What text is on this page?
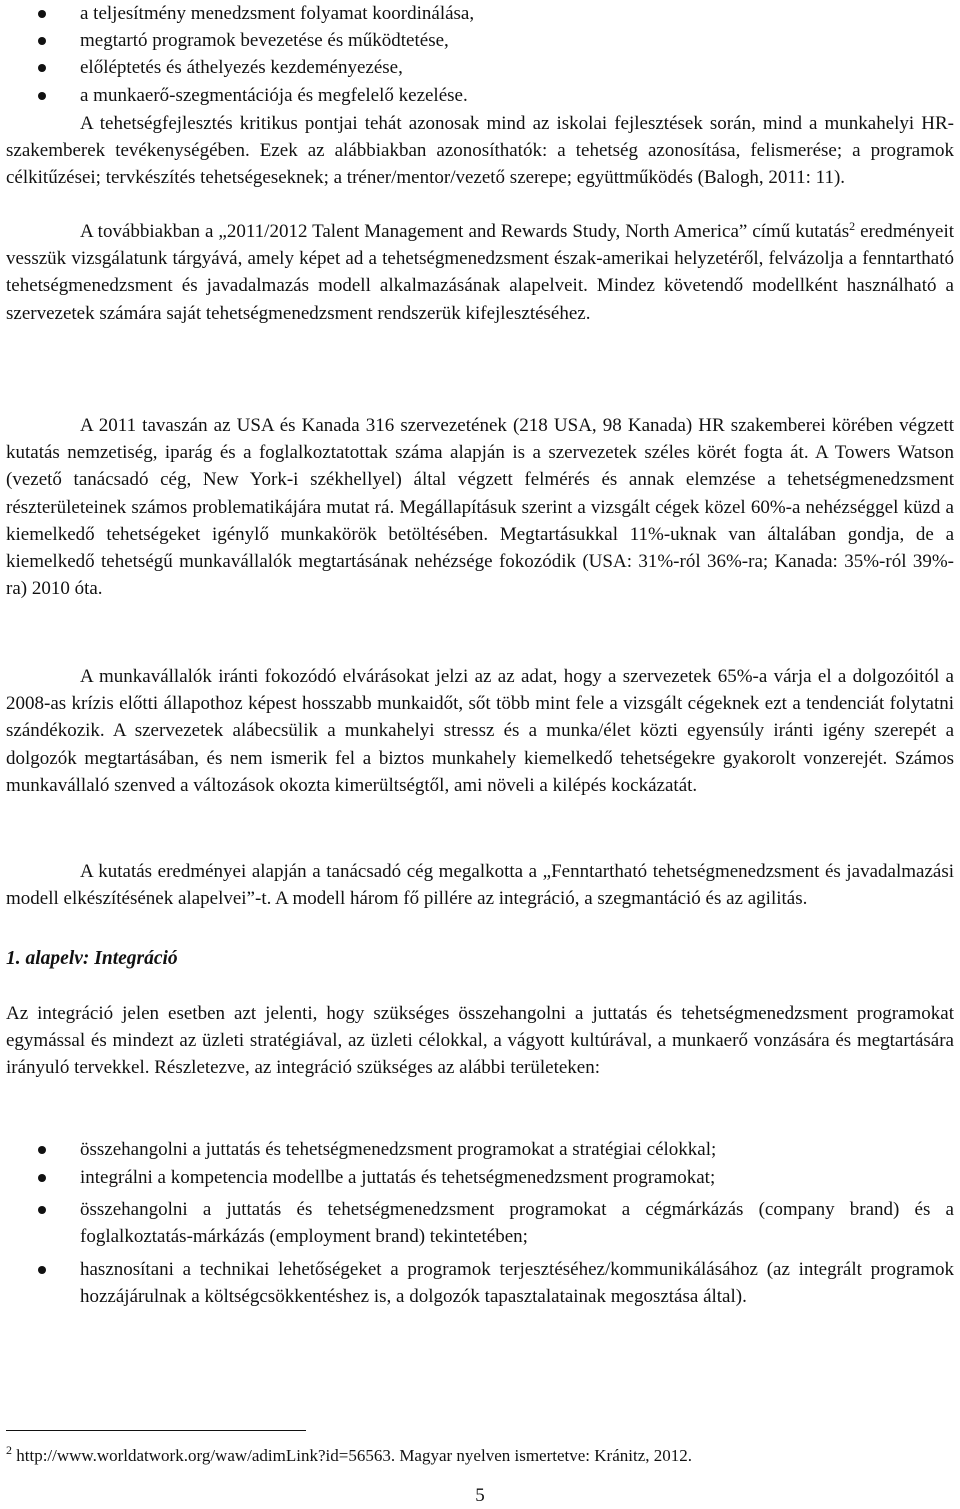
a teljesítmény menedzsment folyamat koordinálása,
megtartó programok bevezetése és működtetése,
előléptetés és áthelyezés kezdeményezése,
a munkaerő-szegmentációja és megfelelő kezelése.
A tehetségfejlesztés kritikus pontjai tehát azonosak mind az iskolai fejlesztések során, mind a munkahelyi HR-szakemberek tevékenységében. Ezek az alábbiakban azonosíthatók: a tehetség azonosítása, felismerése; a programok célkitűzései; tervkészítés tehetségeseknek; a tréner/mentor/vezető szerepe; együttműködés (Balogh, 2011: 11).
A továbbiakban a „2011/2012 Talent Management and Rewards Study, North America” című kutatás$^2$ eredményeit vesszük vizsgálatunk tárgyává, amely képet ad a tehetségmenedzsment észak-amerikai helyzetéről, felvázolja a fenntartható tehetségmenedzsment és javadalmazás modell alkalmazásának alapelveit. Mindez követendő modellként használható a szervezetek számára saját tehetségmenedzsment rendszerük kifejlesztéséhez.
A 2011 tavaszán az USA és Kanada 316 szervezetének (218 USA, 98 Kanada) HR szakemberei körében végzett kutatás nemzetiség, iparág és a foglalkoztatottak száma alapján is a szervezetek széles körét fogta át. A Towers Watson (vezető tanácsadó cég, New York-i székhellyel) által végzett felmérés és annak elemzése a tehetségmenedzsment részterületeinek számos problematikájára mutat rá. Megállapításuk szerint a vizsgált cégek közel 60%-a nehézséggel küzd a kiemelkedő tehetségeket igénylő munkakörök betöltésében. Megtartásukkal 11%-uknak van általában gondja, de a kiemelkedő tehetségű munkavállalók megtartásának nehézsége fokozódik (USA: 31%-ról 36%-ra; Kanada: 35%-ról 39%-ra) 2010 óta.
A munkavállalók iránti fokozódó elvárásokat jelzi az az adat, hogy a szervezetek 65%-a várja el a dolgozóitól a 2008-as krízis előtti állapothoz képest hosszabb munkaidőt, sőt több mint fele a vizsgált cégeknek ezt a tendenciát folytatni szándékozik. A szervezetek alábecsülik a munkahelyi stressz és a munka/élet közti egyensúly iránti igény szerepét a dolgozók megtartásában, és nem ismerik fel a biztos munkahely kiemelkedő tehetségekre gyakorolt vonzerejét. Számos munkavállaló szenved a változások okozta kimerültségtől, ami növeli a kilépés kockázatát.
A kutatás eredményei alapján a tanácsadó cég megalkotta a „Fenntartható tehetségmenedzsment és javadalmazási modell elkészítésének alapelvei”-t. A modell három fő pillére az integráció, a szegmantáció és az agilitás.
1. alapelv: Integráció
Az integráció jelen esetben azt jelenti, hogy szükséges összehangolni a juttatás és tehetségmenedzsment programokat egymással és mindezt az üzleti stratégiával, az üzleti célokkal, a vágyott kultúrával, a munkaerő vonzására és megtartására irányuló tervekkel. Részletezve, az integráció szükséges az alábbi területeken:
összehangolni a juttatás és tehetségmenedzsment programokat a stratégiai célokkal;
integrálni a kompetencia modellbe a juttatás és tehetségmenedzsment programokat;
összehangolni a juttatás és tehetségmenedzsment programokat a cégmárkázás (company brand) és a foglalkoztatás-márkázás (employment brand) tekintetében;
hasznosítani a technikai lehetőségeket a programok terjesztéséhez/kommunikálásához (az integrált programok hozzájárulnak a költségcsökkentéshez is, a dolgozók tapasztalatainak megosztása által).
$^2$ http://www.worldatwork.org/waw/adimLink?id=56563. Magyar nyelven ismertetve: Kránitz, 2012.
5
